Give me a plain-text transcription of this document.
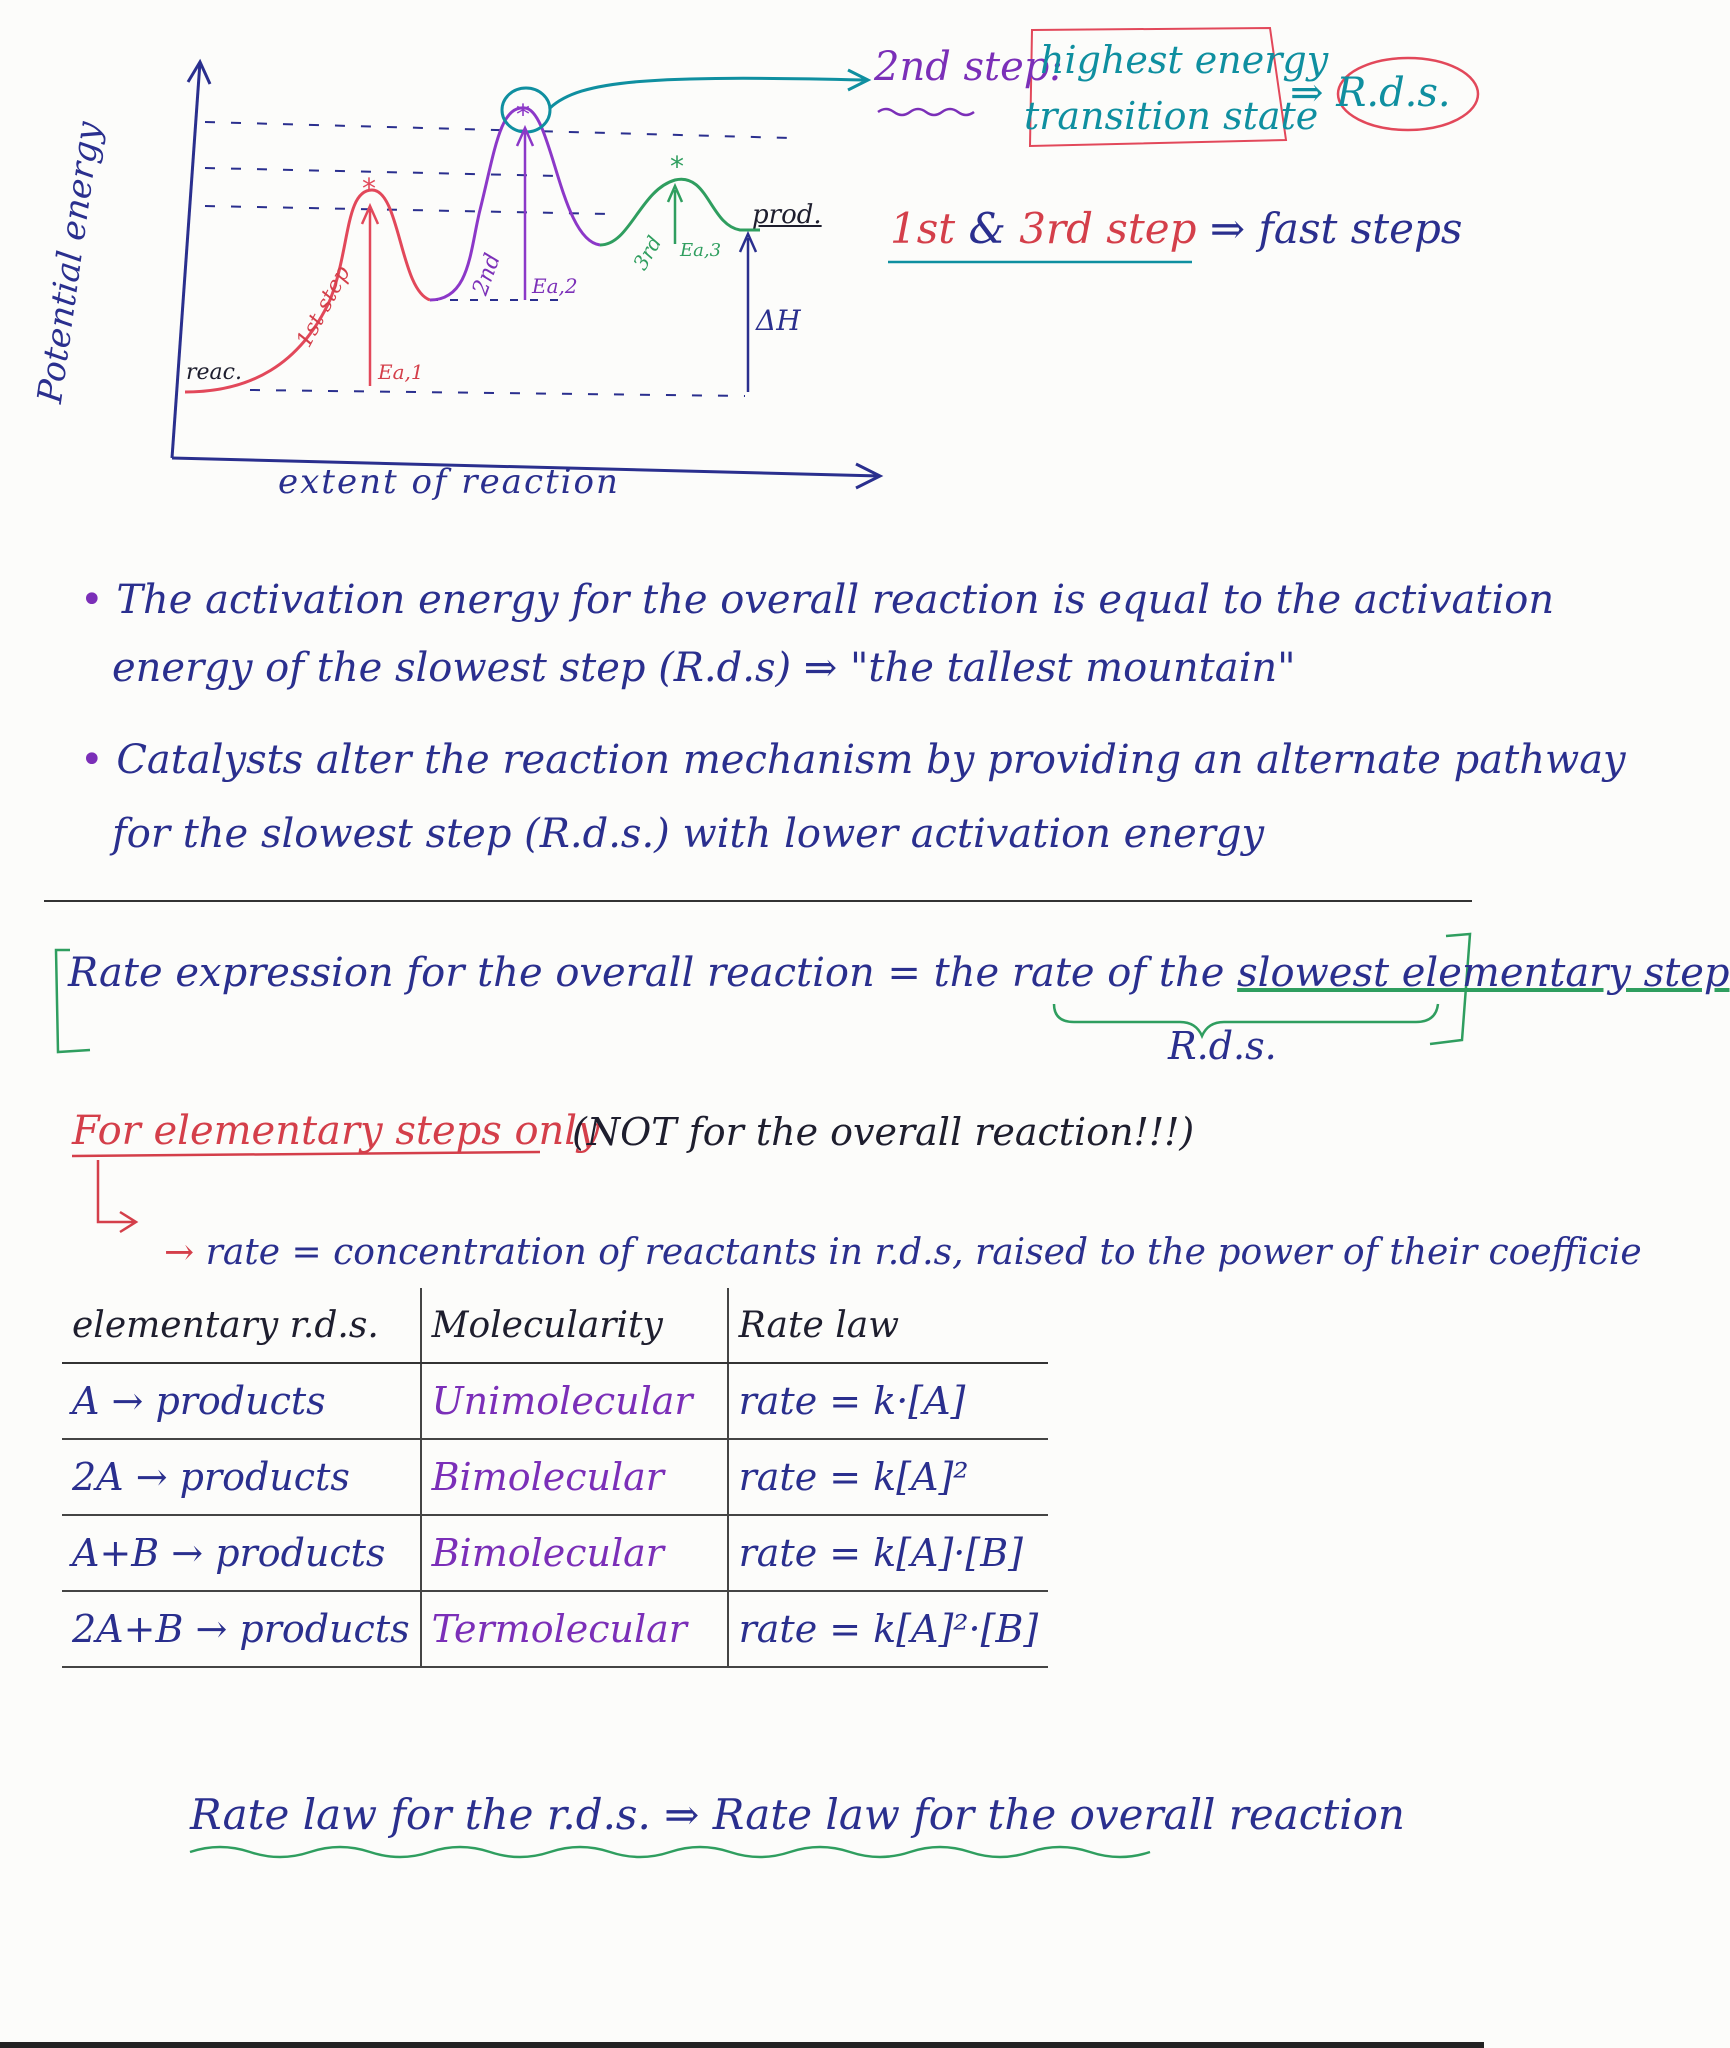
*
*
*
Potential energy
extent of reaction
reac.
prod.
1st step	2nd	3rd
Ea,1
Ea,2
Ea,3
ΔH
2nd step:
highest energy
transition state
⇒ R.d.s.
1st & 3rd step ⇒ fast steps
• The activation energy for the overall reaction is equal to the activation
energy of the slowest step (R.d.s) ⇒ "the tallest mountain"
• Catalysts alter the reaction mechanism by providing an alternate pathway
for the slowest step (R.d.s.) with lower activation energy
Rate expression for the overall reaction = the rate of the slowest elementary step
R.d.s.
For elementary steps only
(NOT for the overall reaction!!!)
→ rate = concentration of reactants in r.d.s, raised to the power of their coefficie
elementary r.d.s.	Molecularity	Rate law
A → products	Unimolecular	rate = k·[A]
2A → products	Bimolecular	rate = k[A]²
A+B → products	Bimolecular	rate = k[A]·[B]
2A+B → products	Termolecular	rate = k[A]²·[B]
Rate law for the r.d.s. ⇒ Rate law for the overall reaction
